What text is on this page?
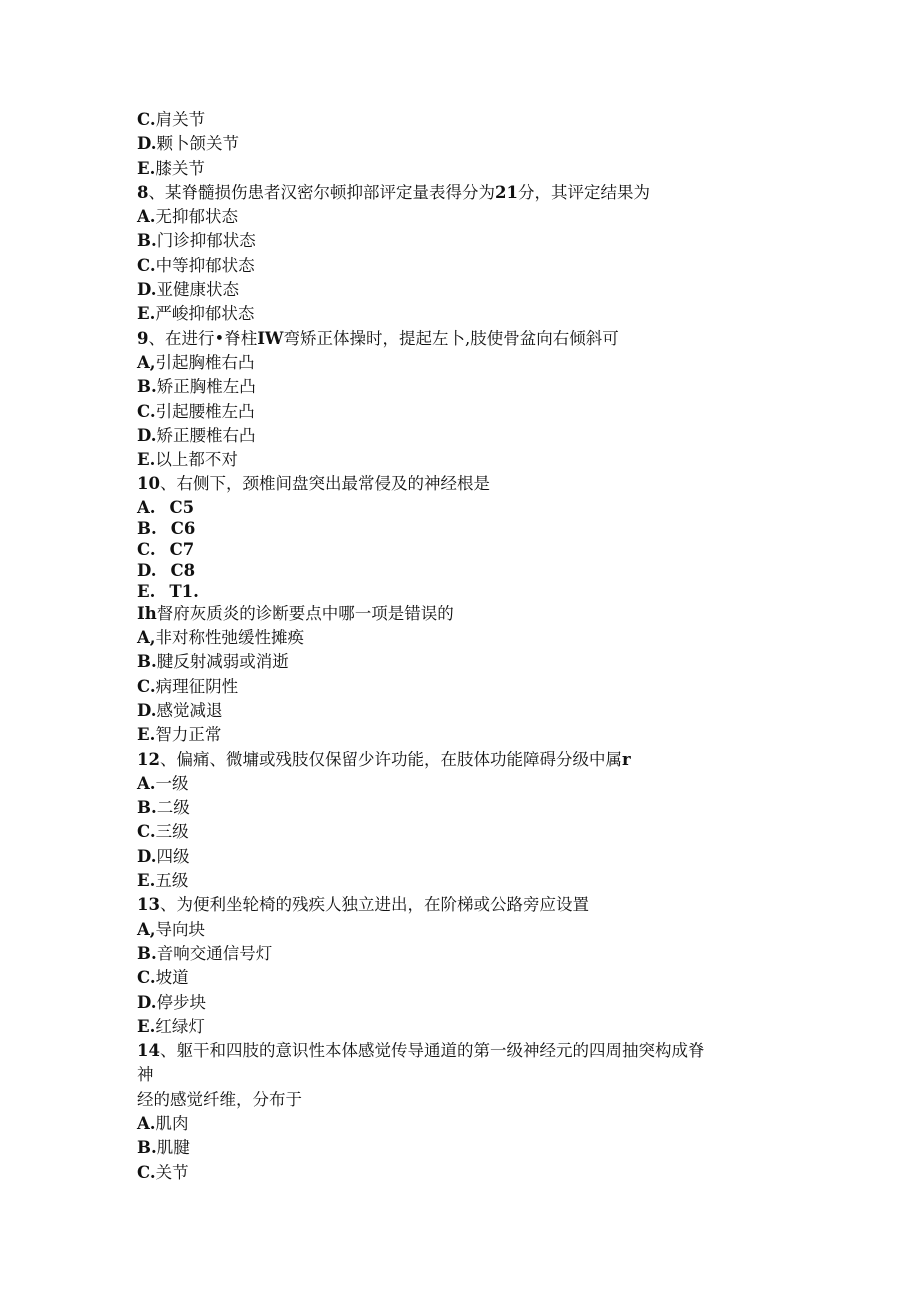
C.肩关节
D.颗卜颌关节
E.膝关节
8、某脊髓损伤患者汉密尔顿抑部评定量表得分为21分，其评定结果为
A.无抑郁状态
B.门诊抑郁状态
C.中等抑郁状态
D.亚健康状态
E.严峻抑郁状态
9、在进行•脊柱IW弯矫正体操时，提起左卜,肢使骨盆向右倾斜可
A,引起胸椎右凸
B.矫正胸椎左凸
C.引起腰椎左凸
D.矫正腰椎右凸
E.以上都不对
10、右侧下，颈椎间盘突出最常侵及的神经根是
A. C5
B. C6
C. C7
D. C8
E. T1.
Ih督府灰质炎的诊断要点中哪一项是错误的
A,非对称性弛缓性摊痪
B.腱反射减弱或消逝
C.病理征阴性
D.感觉减退
E.智力正常
12、偏痛、微墉或残肢仅保留少许功能，在肢体功能障碍分级中属r
A.一级
B.二级
C.三级
D.四级
E.五级
13、为便利坐轮椅的残疾人独立进出，在阶梯或公路旁应设置
A,导向块
B.音响交通信号灯
C.坡道
D.停步块
E.红绿灯
14、躯干和四肢的意识性本体感觉传导通道的第一级神经元的四周抽突构成脊
神
经的感觉纤维，分布于
A.肌肉
B.肌腱
C.关节
